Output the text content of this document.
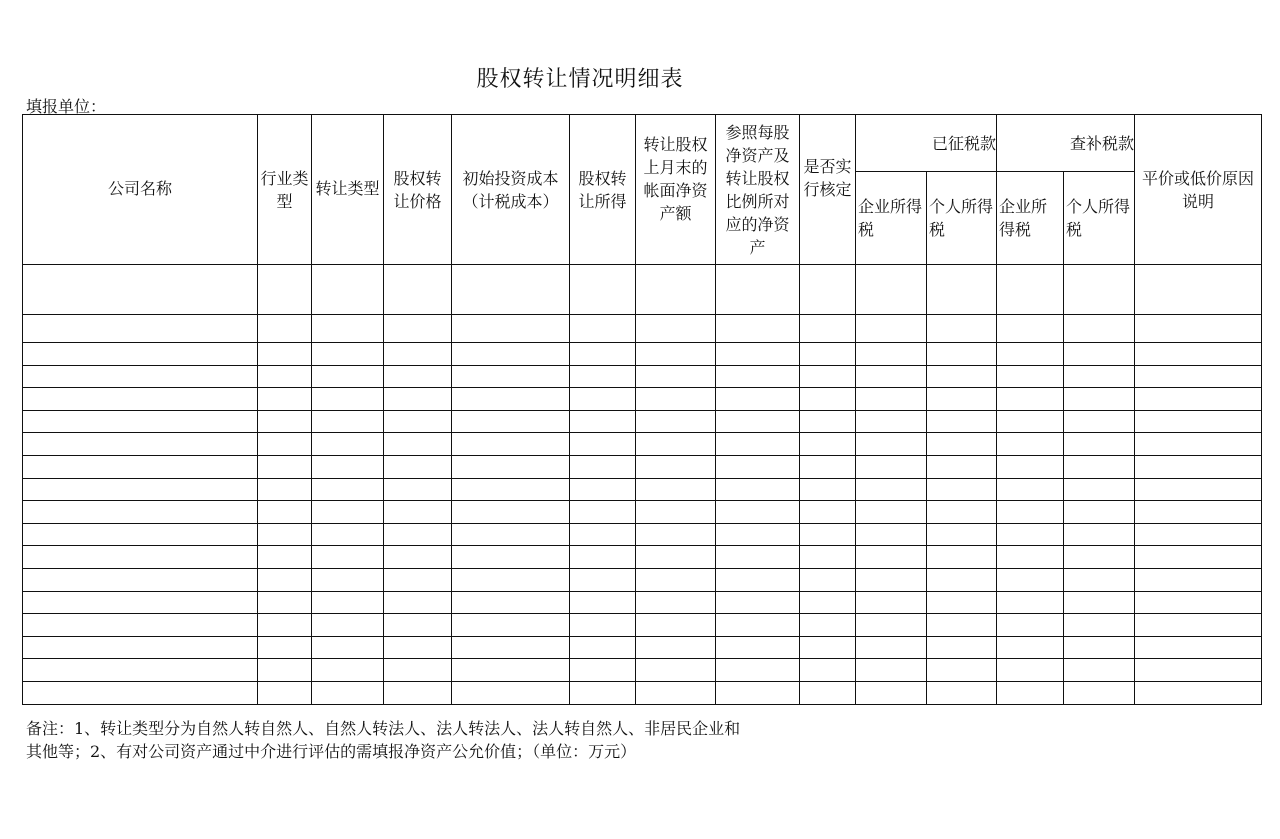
股权转让情况明细表
填报单位：
公司名称	行业类型	转让类型	股权转让价格	初始投资成本（计税成本）	股权转让所得	转让股权上月末的帐面净资产额	参照每股净资产及转让股权比例所对应的净资产	是否实行核定	已征税款		查补税款		平价或低价原因说明
									企业所得税	个人所得税	企业所得税	个人所得税	

备注：1、转让类型分为自然人转自然人、自然人转法人、法人转法人、法人转自然人、非居民企业和
其他等；2、有对公司资产通过中介进行评估的需填报净资产公允价值；（单位：万元）
